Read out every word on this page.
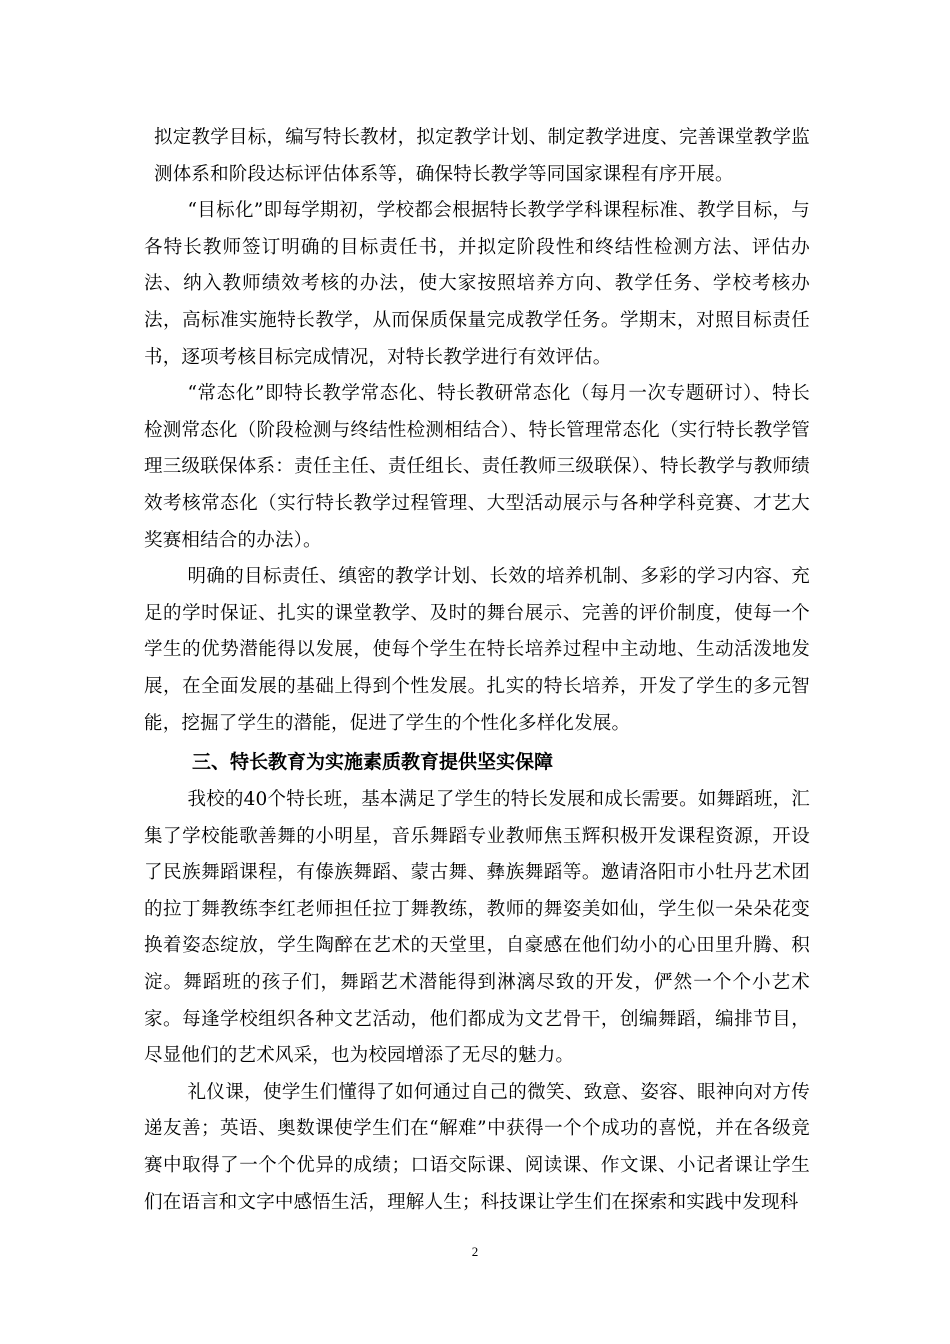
拟定教学目标，编写特长教材，拟定教学计划、制定教学进度、完善课堂教学监测体系和阶段达标评估体系等，确保特长教学等同国家课程有序开展。

“目标化”即每学期初，学校都会根据特长教学学科课程标准、教学目标，与各特长教师签订明确的目标责任书，并拟定阶段性和终结性检测方法、评估办法、纳入教师绩效考核的办法，使大家按照培养方向、教学任务、学校考核办法，高标准实施特长教学，从而保质保量完成教学任务。学期末，对照目标责任书，逐项考核目标完成情况，对特长教学进行有效评估。

“常态化”即特长教学常态化、特长教研常态化（每月一次专题研讨）、特长检测常态化（阶段检测与终结性检测相结合）、特长管理常态化（实行特长教学管理三级联保体系：责任主任、责任组长、责任教师三级联保）、特长教学与教师绩效考核常态化（实行特长教学过程管理、大型活动展示与各种学科竞赛、才艺大奖赛相结合的办法）。

明确的目标责任、缜密的教学计划、长效的培养机制、多彩的学习内容、充足的学时保证、扎实的课堂教学、及时的舞台展示、完善的评价制度，使每一个学生的优势潜能得以发展，使每个学生在特长培养过程中主动地、生动活泼地发展，在全面发展的基础上得到个性发展。扎实的特长培养，开发了学生的多元智能，挖掘了学生的潜能，促进了学生的个性化多样化发展。

三、特长教育为实施素质教育提供坚实保障

我校的40个特长班，基本满足了学生的特长发展和成长需要。如舞蹈班，汇集了学校能歌善舞的小明星，音乐舞蹈专业教师焦玉辉积极开发课程资源，开设了民族舞蹈课程，有傣族舞蹈、蒙古舞、彝族舞蹈等。邀请洛阳市小牡丹艺术团的拉丁舞教练李红老师担任拉丁舞教练，教师的舞姿美如仙，学生似一朵朵花变换着姿态绽放，学生陶醉在艺术的天堂里，自豪感在他们幼小的心田里升腾、积淀。舞蹈班的孩子们，舞蹈艺术潜能得到淋漓尽致的开发，俨然一个个小艺术家。每逢学校组织各种文艺活动，他们都成为文艺骨干，创编舞蹈，编排节目，尽显他们的艺术风采，也为校园增添了无尽的魅力。

礼仪课，使学生们懂得了如何通过自己的微笑、致意、姿容、眼神向对方传递友善；英语、奥数课使学生们在“解难”中获得一个个成功的喜悦，并在各级竞赛中取得了一个个优异的成绩；口语交际课、阅读课、作文课、小记者课让学生们在语言和文字中感悟生活，理解人生；科技课让学生们在探索和实践中发现科

2
